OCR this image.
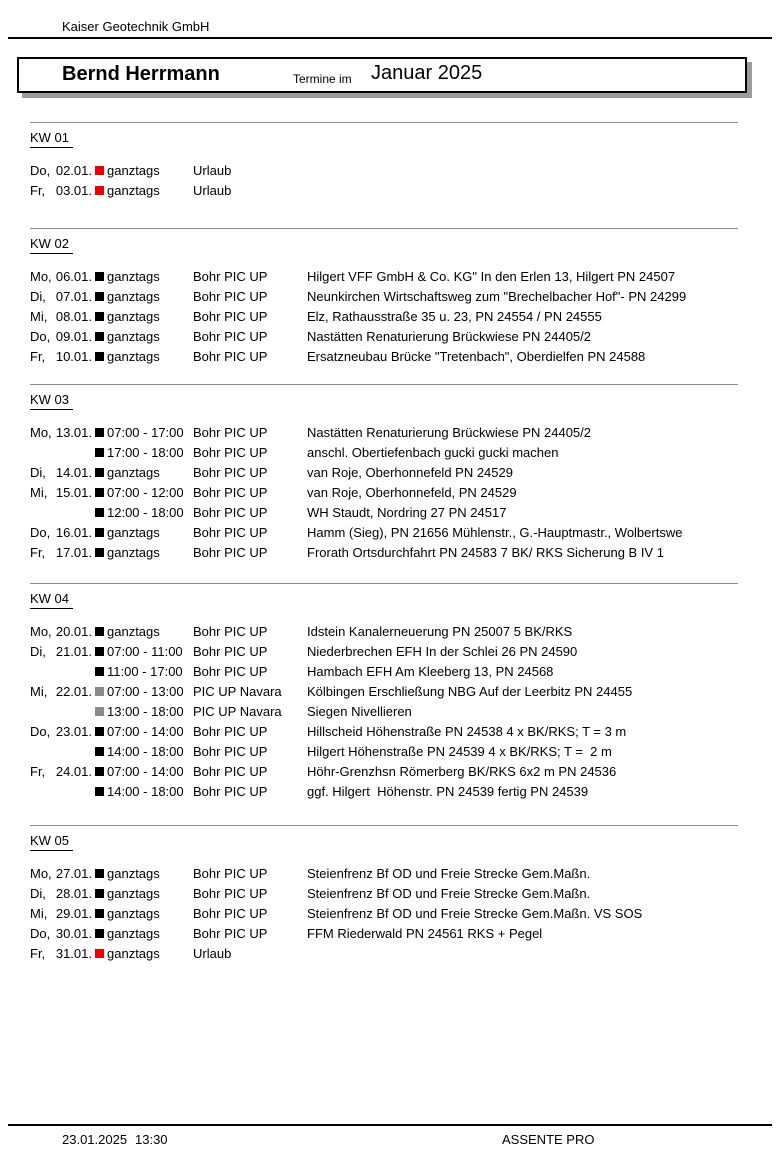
Kaiser Geotechnik GmbH
Bernd Herrmann	Termine im Januar 2025
KW 01
Do, 02.01. ganztags	Urlaub
Fr, 03.01. ganztags	Urlaub
KW 02
Mo, 06.01. ganztags	Bohr PIC UP	Hilgert VFF GmbH & Co. KG" In den Erlen 13, Hilgert PN 24507
Di, 07.01. ganztags	Bohr PIC UP	Neunkirchen Wirtschaftsweg zum "Brechelbacher Hof"- PN 24299
Mi, 08.01. ganztags	Bohr PIC UP	Elz, Rathausstraße 35 u. 23, PN 24554 / PN 24555
Do, 09.01. ganztags	Bohr PIC UP	Nastätten Renaturierung Brückwiese PN 24405/2
Fr, 10.01. ganztags	Bohr PIC UP	Ersatzneubau Brücke "Tretenbach", Oberdielfen PN 24588
KW 03
Mo, 13.01. 07:00 - 17:00 Bohr PIC UP	Nastätten Renaturierung Brückwiese PN 24405/2
17:00 - 18:00 Bohr PIC UP	anschl. Obertiefenbach gucki gucki machen
Di, 14.01. ganztags	Bohr PIC UP	van Roje, Oberhonnefeld PN 24529
Mi, 15.01. 07:00 - 12:00 Bohr PIC UP	van Roje, Oberhonnefeld, PN 24529
12:00 - 18:00 Bohr PIC UP	WH Staudt, Nordring 27 PN 24517
Do, 16.01. ganztags	Bohr PIC UP	Hamm (Sieg), PN 21656 Mühlenstr., G.-Hauptmastr., Wolbertswe
Fr, 17.01. ganztags	Bohr PIC UP	Frorath Ortsdurchfahrt PN 24583 7 BK/ RKS Sicherung B IV 1
KW 04
Mo, 20.01. ganztags	Bohr PIC UP	Idstein Kanalerneuerung PN 25007 5 BK/RKS
Di, 21.01. 07:00 - 11:00 Bohr PIC UP	Niederbrechen EFH In der Schlei 26 PN 24590
11:00 - 17:00 Bohr PIC UP	Hambach EFH Am Kleeberg 13, PN 24568
Mi, 22.01. 07:00 - 13:00 PIC UP Navara	Kölbingen Erschließung NBG Auf der Leerbitz PN 24455
13:00 - 18:00 PIC UP Navara	Siegen Nivellieren
Do, 23.01. 07:00 - 14:00 Bohr PIC UP	Hillscheid Höhenstraße PN 24538 4 x BK/RKS; T = 3 m
14:00 - 18:00 Bohr PIC UP	Hilgert Höhenstraße PN 24539 4 x BK/RKS; T =  2 m
Fr, 24.01. 07:00 - 14:00 Bohr PIC UP	Höhr-Grenzhsn Römerberg BK/RKS 6x2 m PN 24536
14:00 - 18:00 Bohr PIC UP	ggf. Hilgert  Höhenstr. PN 24539 fertig PN 24539
KW 05
Mo, 27.01. ganztags	Bohr PIC UP	Steienfrenz Bf OD und Freie Strecke Gem.Maßn.
Di, 28.01. ganztags	Bohr PIC UP	Steienfrenz Bf OD und Freie Strecke Gem.Maßn.
Mi, 29.01. ganztags	Bohr PIC UP	Steienfrenz Bf OD und Freie Strecke Gem.Maßn. VS SOS
Do, 30.01. ganztags	Bohr PIC UP	FFM Riederwald PN 24561 RKS + Pegel
Fr, 31.01. ganztags	Urlaub
23.01.2025 13:30	ASSENTE PRO
